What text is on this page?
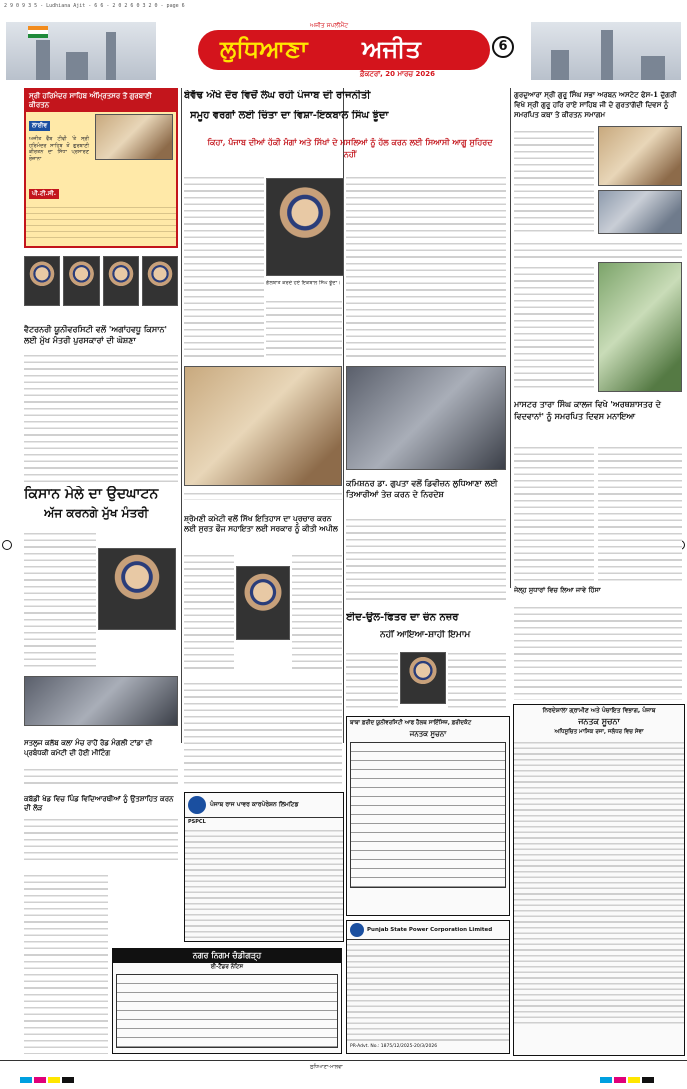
2 9 0 9 3 5 - Ludhiana Ajit - 6 6 - 2 0 2 6 0 3 2 0 - page 6
ਅਜੀਤ ਸਪਲੀਮੈਂਟ
ਲੁਧਿਆਣਾ ਅਜੀਤ	6
ਫ਼ੈਕਟਰਾਂ, 20 ਮਾਰਚ 2026
ਸ੍ਰੀ ਹਰਿਮੰਦਰ ਸਾਹਿਬ ਅੰਮ੍ਰਿਤਸਰ ਤੋਂ ਗੁਰਬਾਣੀ ਕੀਰਤਨ
ਲਾਈਵ
ਅਜੀਤ ਵੈੱਬ ਟੀਵੀ 'ਤੇ ਸ੍ਰੀ ਹਰਿਮੰਦਰ ਸਾਹਿਬ ਤੋਂ ਗੁਰਬਾਣੀ ਕੀਰਤਨ ਦਾ ਸਿੱਧਾ ਪ੍ਰਸਾਰਣ ਰੋਜ਼ਾਨਾ
ਪੀ.ਟੀ.ਸੀ.
ਵੈਟਰਨਰੀ ਯੂਨੀਵਰਸਿਟੀ ਵਲੋਂ 'ਅਗਾਂਹਵਧੂ ਕਿਸਾਨ' ਲਈ ਮੁੱਖ ਮੰਤਰੀ ਪੁਰਸਕਾਰਾਂ ਦੀ ਘੋਸ਼ਣਾ
ਕਿਸਾਨ ਮੇਲੇ ਦਾ ਉਦਘਾਟਨ
ਅੱਜ ਕਰਨਗੇ ਮੁੱਖ ਮੰਤਰੀ
ਸਤਲੁਜ ਕਲੱਬ ਕਲਾ ਮੰਚ ਰਾਹੋਂ ਰੋਡ ਮੰਗਲੀ ਟਾਂਡਾ ਦੀ ਪ੍ਰਬੰਧਕੀ ਕਮੇਟੀ ਦੀ ਹੋਈ ਮੀਟਿੰਗ
ਕਬੱਡੀ ਖੇਡ ਵਿਚ ਪਿੰਡ ਵਿਦਿਆਰਥੀਆਂ ਨੂੰ ਉਤਸ਼ਾਹਿਤ ਕਰਨ ਦੀ ਲੋੜ
ਬੇਵੱਢ ਔਖੇ ਦੌਰ ਵਿਚੋਂ ਲੰਘ ਰਹੀ ਪੰਜਾਬ ਦੀ ਰਾਜਨੀਤੀ
ਸਮੂਹ ਵਰਗਾਂ ਲਈ ਚਿੰਤਾ ਦਾ ਵਿਸ਼ਾ-ਇਕਬਾਲ ਸਿੰਘ ਝੂੰਦਾ
ਕਿਹਾ, ਪੰਜਾਬ ਦੀਆਂ ਹੱਕੀ ਮੰਗਾਂ ਅਤੇ ਸਿੱਖਾਂ ਦੇ ਮਸਲਿਆਂ ਨੂੰ ਹੱਲ ਕਰਨ ਲਈ ਸਿਆਸੀ ਆਗੂ ਸੁਹਿਰਦ ਨਹੀਂ
ਗੱਲਬਾਤ ਕਰਦੇ ਹੋਏ ਇਕਬਾਲ ਸਿੰਘ ਝੂੰਦਾ।
ਕਮਿਸ਼ਨਰ ਡਾ. ਗੁਪਤਾ ਵਲੋਂ ਡਿਵੀਜ਼ਨ ਲੁਧਿਆਣਾ ਲਈ ਤਿਆਰੀਆਂ ਤੇਜ਼ ਕਰਨ ਦੇ ਨਿਰਦੇਸ਼
ਸ਼੍ਰੋਮਣੀ ਕਮੇਟੀ ਵਲੋਂ ਸਿੱਖ ਇਤਿਹਾਸ ਦਾ ਪ੍ਰਚਾਰ ਕਰਨ ਲਈ ਸੁਰਤ ਫੌਜ ਸਹਾਇਤਾ ਲਈ ਸਰਕਾਰ ਨੂੰ ਕੀਤੀ ਅਪੀਲ
ਈਦ-ਉਲ-ਫਿਤਰ ਦਾ ਚੰਨ ਨਜ਼ਰ
ਨਹੀਂ ਆਇਆ-ਸ਼ਾਹੀ ਇਮਾਮ
ਗੁਰਦੁਆਰਾ ਸ੍ਰੀ ਗੁਰੂ ਸਿੰਘ ਸਭਾ ਅਰਬਨ ਅਸਟੇਟ ਫੇਸ-1 ਦੁੱਗਰੀ ਵਿਖੇ ਸ੍ਰੀ ਗੁਰੂ ਹਰਿ ਰਾਏ ਸਾਹਿਬ ਜੀ ਦੇ ਗੁਰਤਾਗੱਦੀ ਦਿਵਸ ਨੂੰ ਸਮਰਪਿਤ ਕਥਾ ਤੇ ਕੀਰਤਨ ਸਮਾਗਮ
ਮਾਸਟਰ ਤਾਰਾ ਸਿੰਘ ਕਾਲਜ ਵਿਖੇ 'ਅਰਥਸ਼ਾਸਤਰ ਦੇ ਵਿਦਵਾਨਾਂ' ਨੂੰ ਸਮਰਪਿਤ ਦਿਵਸ ਮਨਾਇਆ
ਜੇਲ੍ਹ ਸੁਧਾਰਾਂ ਵਿਚ ਲਿਆ ਜਾਵੇ ਹਿੱਸਾ
ਪੰਜਾਬ ਰਾਜ ਪਾਵਰ ਕਾਰਪੋਰੇਸ਼ਨ ਲਿਮਟਿਡ
PSPCL
ਬਾਬਾ ਫ਼ਰੀਦ ਯੂਨੀਵਰਸਿਟੀ ਆਫ ਹੈਲਥ ਸਾਇੰਸਿਜ਼, ਫ਼ਰੀਦਕੋਟ
ਜਨਤਕ ਸੂਚਨਾ
Punjab State Power Corporation Limited
PR-Advt. No.: 1875/12/2025-20/3/2026
ਨਿਰਦੇਸ਼ਾਲਾ ਗ੍ਰਾਮੀਣ ਅਤੇ ਪੰਚਾਇਤ ਵਿਭਾਗ, ਪੰਜਾਬ
ਜਨਤਕ ਸੂਚਨਾ
ਅਧਿਸੂਚਿਤ ਮਾਸਿਕ ਰਜਾ, ਜਲੰਧਰ ਵਿਚ ਸੇਵਾ
ਨਗਰ ਨਿਗਮ ਚੰਡੀਗੜ੍ਹ
ਈ-ਟੈਂਡਰ ਨੋਟਿਸ
ਲੁਧਿਆਣਾ-ਮਾਲਵਾ
